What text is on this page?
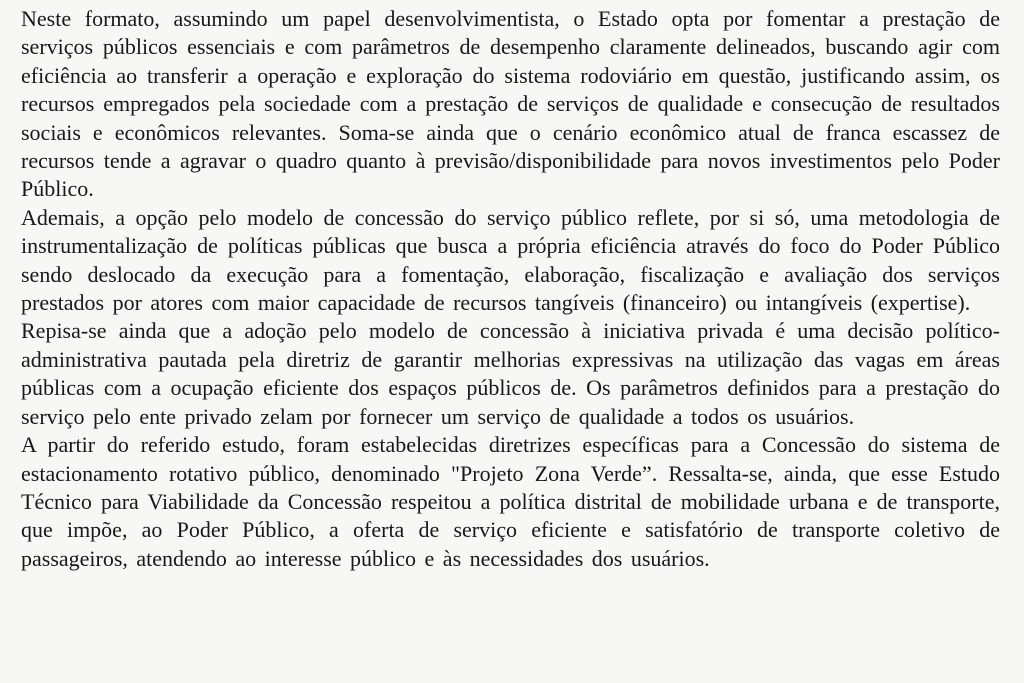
Neste formato, assumindo um papel desenvolvimentista, o Estado opta por fomentar a prestação de serviços públicos essenciais e com parâmetros de desempenho claramente delineados, buscando agir com eficiência ao transferir a operação e exploração do sistema rodoviário em questão, justificando assim, os recursos empregados pela sociedade com a prestação de serviços de qualidade e consecução de resultados sociais e econômicos relevantes. Soma-se ainda que o cenário econômico atual de franca escassez de recursos tende a agravar o quadro quanto à previsão/disponibilidade para novos investimentos pelo Poder Público.

Ademais, a opção pelo modelo de concessão do serviço público reflete, por si só, uma metodologia de instrumentalização de políticas públicas que busca a própria eficiência através do foco do Poder Público sendo deslocado da execução para a fomentação, elaboração, fiscalização e avaliação dos serviços prestados por atores com maior capacidade de recursos tangíveis (financeiro) ou intangíveis (expertise).

Repisa-se ainda que a adoção pelo modelo de concessão à iniciativa privada é uma decisão político-administrativa pautada pela diretriz de garantir melhorias expressivas na utilização das vagas em áreas públicas com a ocupação eficiente dos espaços públicos de. Os parâmetros definidos para a prestação do serviço pelo ente privado zelam por fornecer um serviço de qualidade a todos os usuários.

A partir do referido estudo, foram estabelecidas diretrizes específicas para a Concessão do sistema de estacionamento rotativo público, denominado "Projeto Zona Verde”. Ressalta-se, ainda, que esse Estudo Técnico para Viabilidade da Concessão respeitou a política distrital de mobilidade urbana e de transporte, que impõe, ao Poder Público, a oferta de serviço eficiente e satisfatório de transporte coletivo de passageiros, atendendo ao interesse público e às necessidades dos usuários.
